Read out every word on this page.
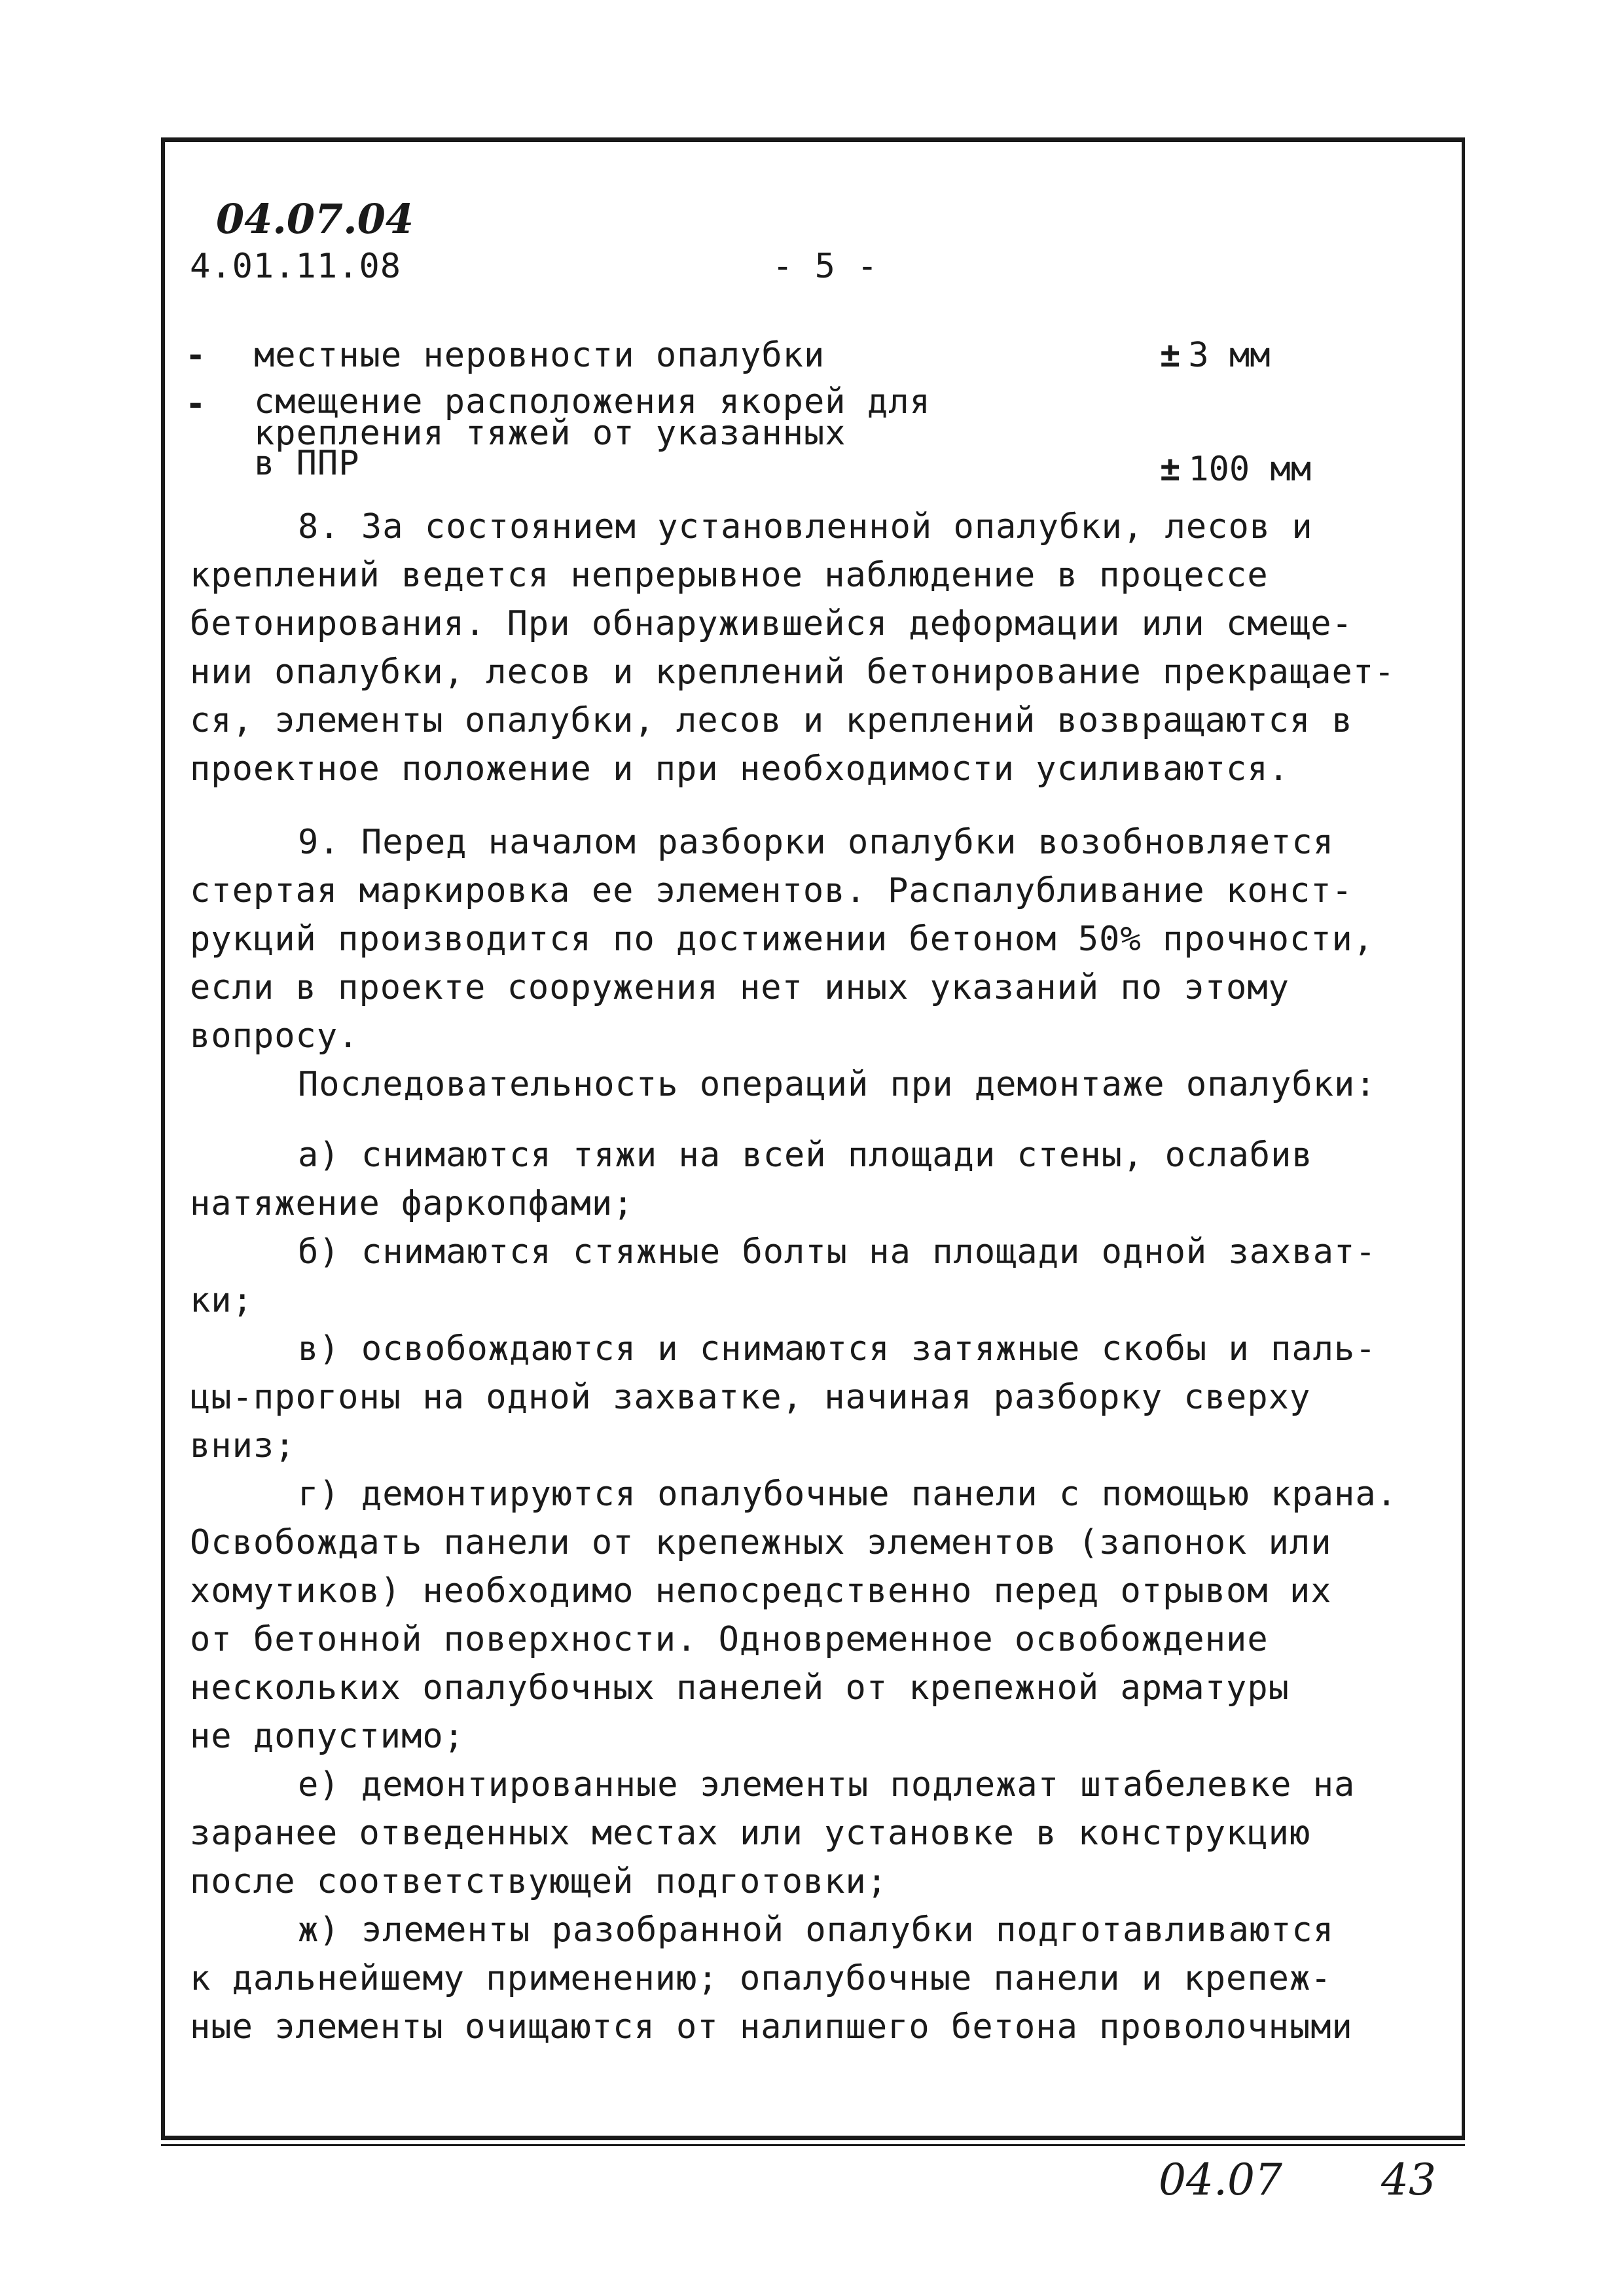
04.07.04
4.01.11.08	- 5 -
- местные неровности опалубки	± 3 мм
- смещение расположения якорей для
крепления тяжей от указанных
в ППР	± 100 мм
8. За состоянием установленной опалубки, лесов и
креплений ведется непрерывное наблюдение в процессе
бетонирования. При обнаружившейся деформации или смеще-
нии опалубки, лесов и креплений бетонирование прекращает-
ся, элементы опалубки, лесов и креплений возвращаются в
проектное положение и при необходимости усиливаются.
9. Перед началом разборки опалубки возобновляется
стертая маркировка ее элементов. Распалубливание конст-
рукций производится по достижении бетоном 50% прочности,
если в проекте сооружения нет иных указаний по этому
вопросу.
Последовательность операций при демонтаже опалубки:
а) снимаются тяжи на всей площади стены, ослабив
натяжение фаркопфами;
б) снимаются стяжные болты на площади одной захват-
ки;
в) освобождаются и снимаются затяжные скобы и паль-
цы-прогоны на одной захватке, начиная разборку сверху
вниз;
г) демонтируются опалубочные панели с помощью крана.
Освобождать панели от крепежных элементов (запонок или
хомутиков) необходимо непосредственно перед отрывом их
от бетонной поверхности. Одновременное освобождение
нескольких опалубочных панелей от крепежной арматуры
не допустимо;
е) демонтированные элементы подлежат штабелевке на
заранее отведенных местах или установке в конструкцию
после соответствующей подготовки;
ж) элементы разобранной опалубки подготавливаются
к дальнейшему применению; опалубочные панели и крепеж-
ные элементы очищаются от налипшего бетона проволочными
04.07 43
